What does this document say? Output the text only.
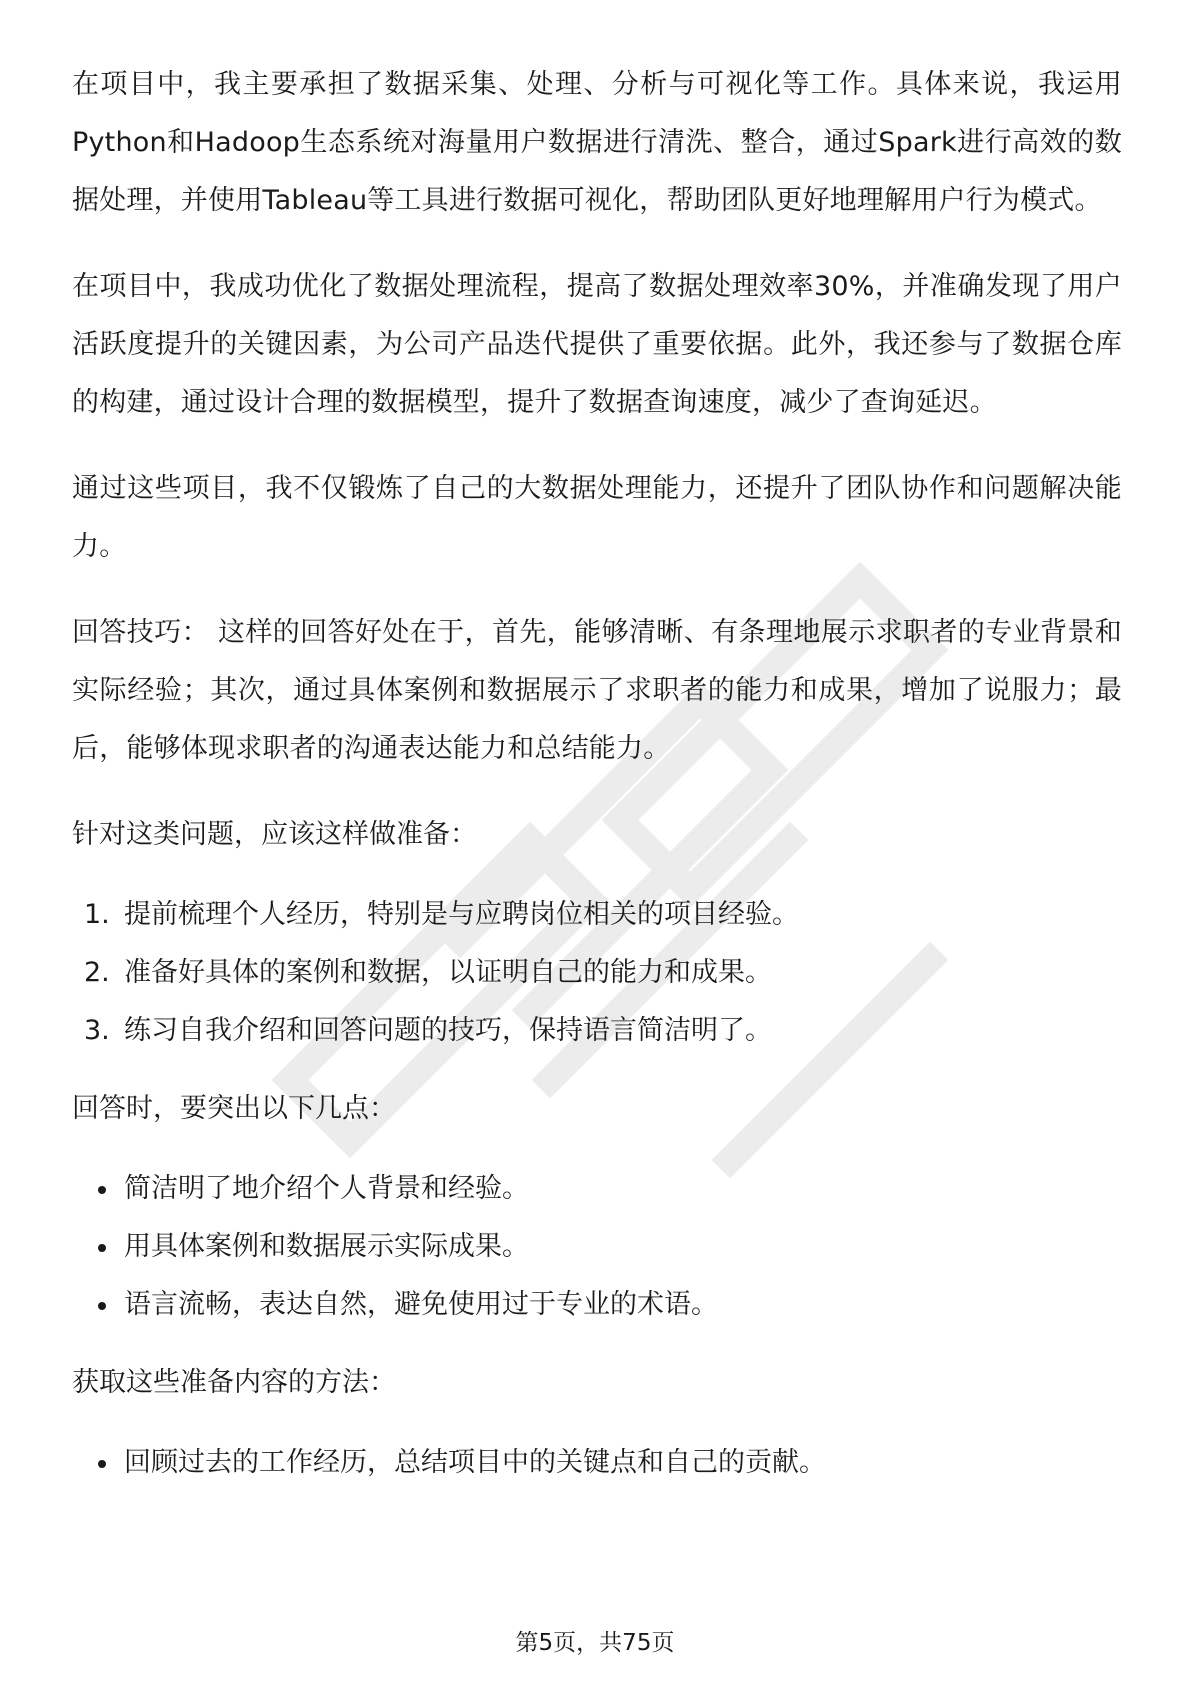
在项目中，我主要承担了数据采集、处理、分析与可视化等工作。具体来说，我运用Python和Hadoop生态系统对海量用户数据进行清洗、整合，通过Spark进行高效的数据处理，并使用Tableau等工具进行数据可视化，帮助团队更好地理解用户行为模式。

在项目中，我成功优化了数据处理流程，提高了数据处理效率30%，并准确发现了用户活跃度提升的关键因素，为公司产品迭代提供了重要依据。此外，我还参与了数据仓库的构建，通过设计合理的数据模型，提升了数据查询速度，减少了查询延迟。

通过这些项目，我不仅锻炼了自己的大数据处理能力，还提升了团队协作和问题解决能力。

回答技巧： 这样的回答好处在于，首先，能够清晰、有条理地展示求职者的专业背景和实际经验；其次，通过具体案例和数据展示了求职者的能力和成果，增加了说服力；最后，能够体现求职者的沟通表达能力和总结能力。

针对这类问题，应该这样做准备：

1. 提前梳理个人经历，特别是与应聘岗位相关的项目经验。
2. 准备好具体的案例和数据，以证明自己的能力和成果。
3. 练习自我介绍和回答问题的技巧，保持语言简洁明了。

回答时，要突出以下几点：

简洁明了地介绍个人背景和经验。
用具体案例和数据展示实际成果。
语言流畅，表达自然，避免使用过于专业的术语。

获取这些准备内容的方法：

回顾过去的工作经历，总结项目中的关键点和自己的贡献。
第5页，共75页
